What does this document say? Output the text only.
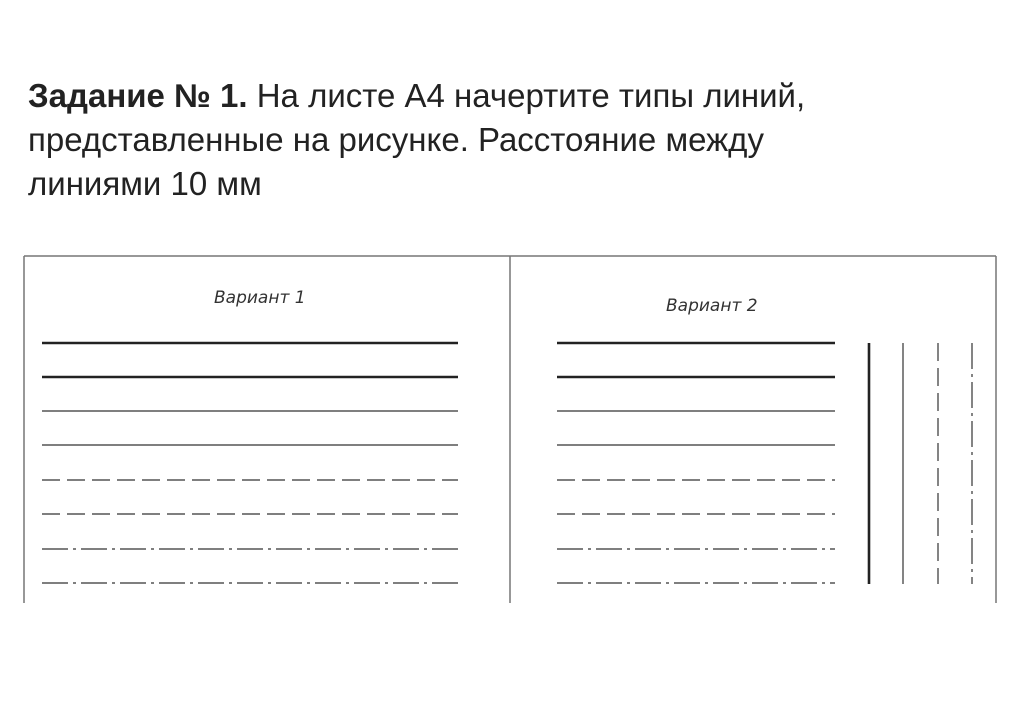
Задание № 1. На листе А4 начертите типы линий,
представленные на рисунке. Расстояние между
линиями 10 мм

Вариант 1	Вариант 2
